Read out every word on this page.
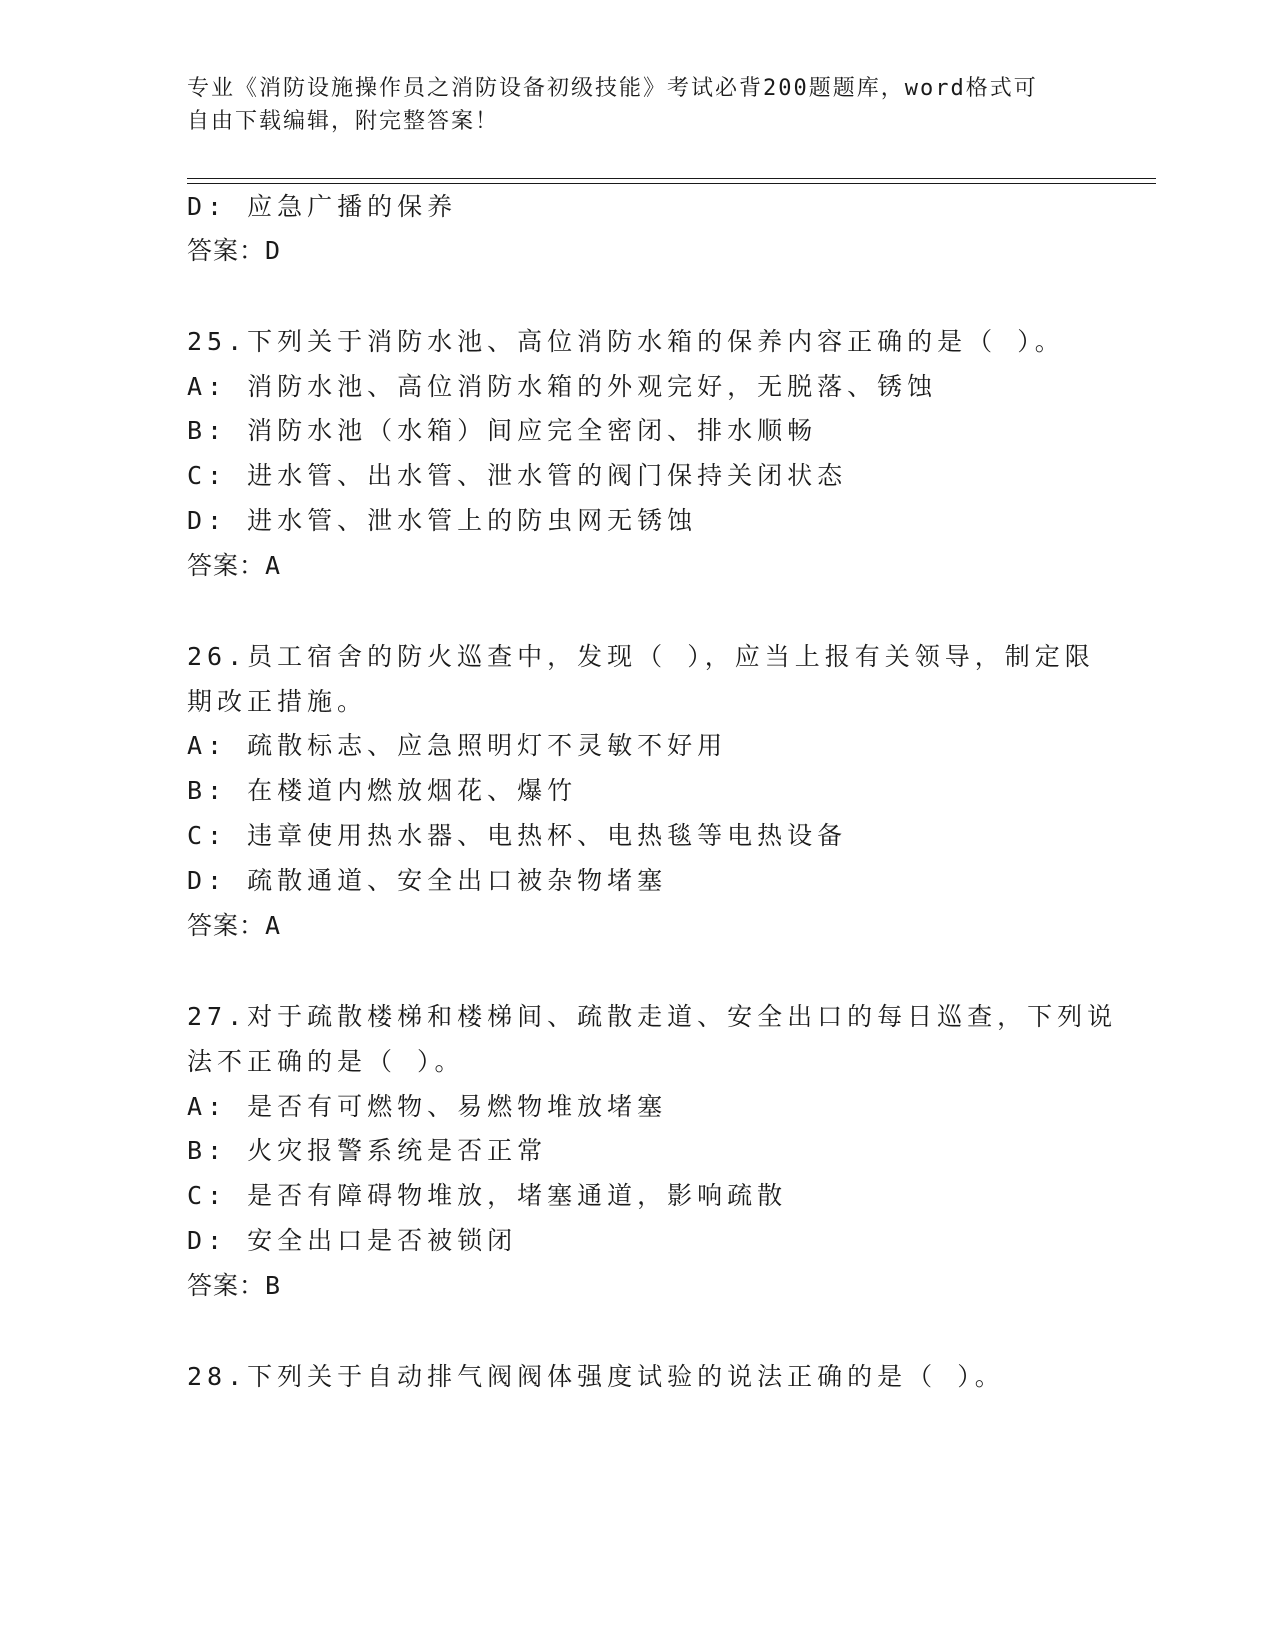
专业《消防设施操作员之消防设备初级技能》考试必背200题题库，word格式可
自由下载编辑，附完整答案！
D: 应急广播的保养
答案：D
25.下列关于消防水池、高位消防水箱的保养内容正确的是（ ）。
A: 消防水池、高位消防水箱的外观完好，无脱落、锈蚀
B: 消防水池（水箱）间应完全密闭、排水顺畅
C: 进水管、出水管、泄水管的阀门保持关闭状态
D: 进水管、泄水管上的防虫网无锈蚀
答案：A
26.员工宿舍的防火巡查中，发现（ ），应当上报有关领导，制定限
期改正措施。
A: 疏散标志、应急照明灯不灵敏不好用
B: 在楼道内燃放烟花、爆竹
C: 违章使用热水器、电热杯、电热毯等电热设备
D: 疏散通道、安全出口被杂物堵塞
答案：A
27.对于疏散楼梯和楼梯间、疏散走道、安全出口的每日巡查，下列说
法不正确的是（ ）。
A: 是否有可燃物、易燃物堆放堵塞
B: 火灾报警系统是否正常
C: 是否有障碍物堆放，堵塞通道，影响疏散
D: 安全出口是否被锁闭
答案：B
28.下列关于自动排气阀阀体强度试验的说法正确的是（ ）。
